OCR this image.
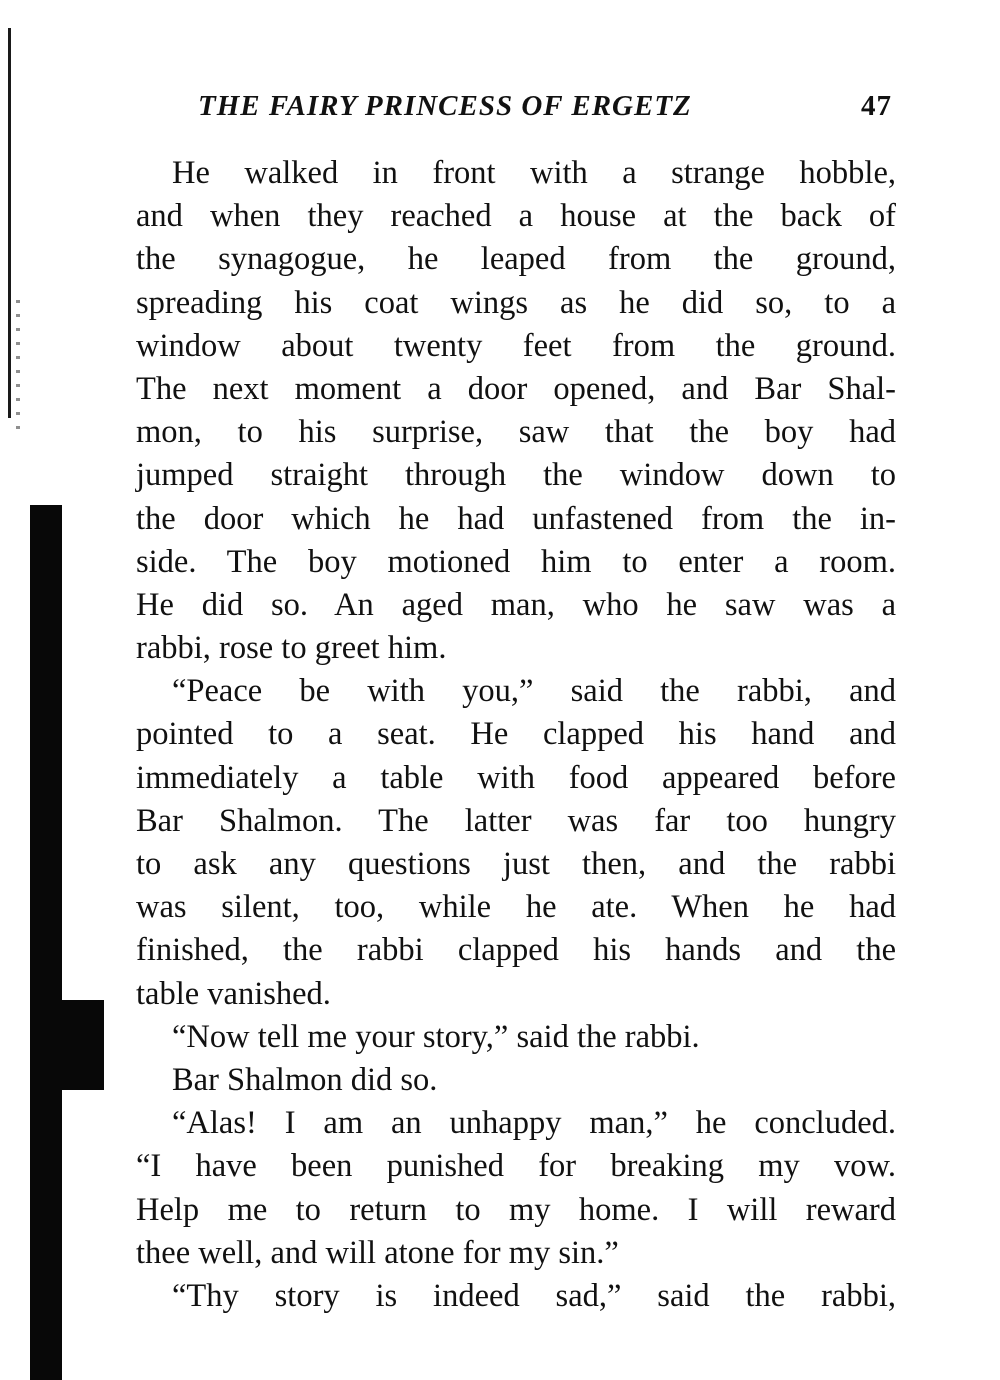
THE FAIRY PRINCESS OF ERGETZ	47
He walked in front with a strange hobble,
and when they reached a house at the back of
the synagogue, he leaped from the ground,
spreading his coat wings as he did so, to a
window about twenty feet from the ground.
The next moment a door opened, and Bar Shal-
mon, to his surprise, saw that the boy had
jumped straight through the window down to
the door which he had unfastened from the in-
side. The boy motioned him to enter a room.
He did so. An aged man, who he saw was a
rabbi, rose to greet him.
“Peace be with you,” said the rabbi, and
pointed to a seat. He clapped his hand and
immediately a table with food appeared before
Bar Shalmon. The latter was far too hungry
to ask any questions just then, and the rabbi
was silent, too, while he ate. When he had
finished, the rabbi clapped his hands and the
table vanished.
“Now tell me your story,” said the rabbi.
Bar Shalmon did so.
“Alas! I am an unhappy man,” he concluded.
“I have been punished for breaking my vow.
Help me to return to my home. I will reward
thee well, and will atone for my sin.”
“Thy story is indeed sad,” said the rabbi,
